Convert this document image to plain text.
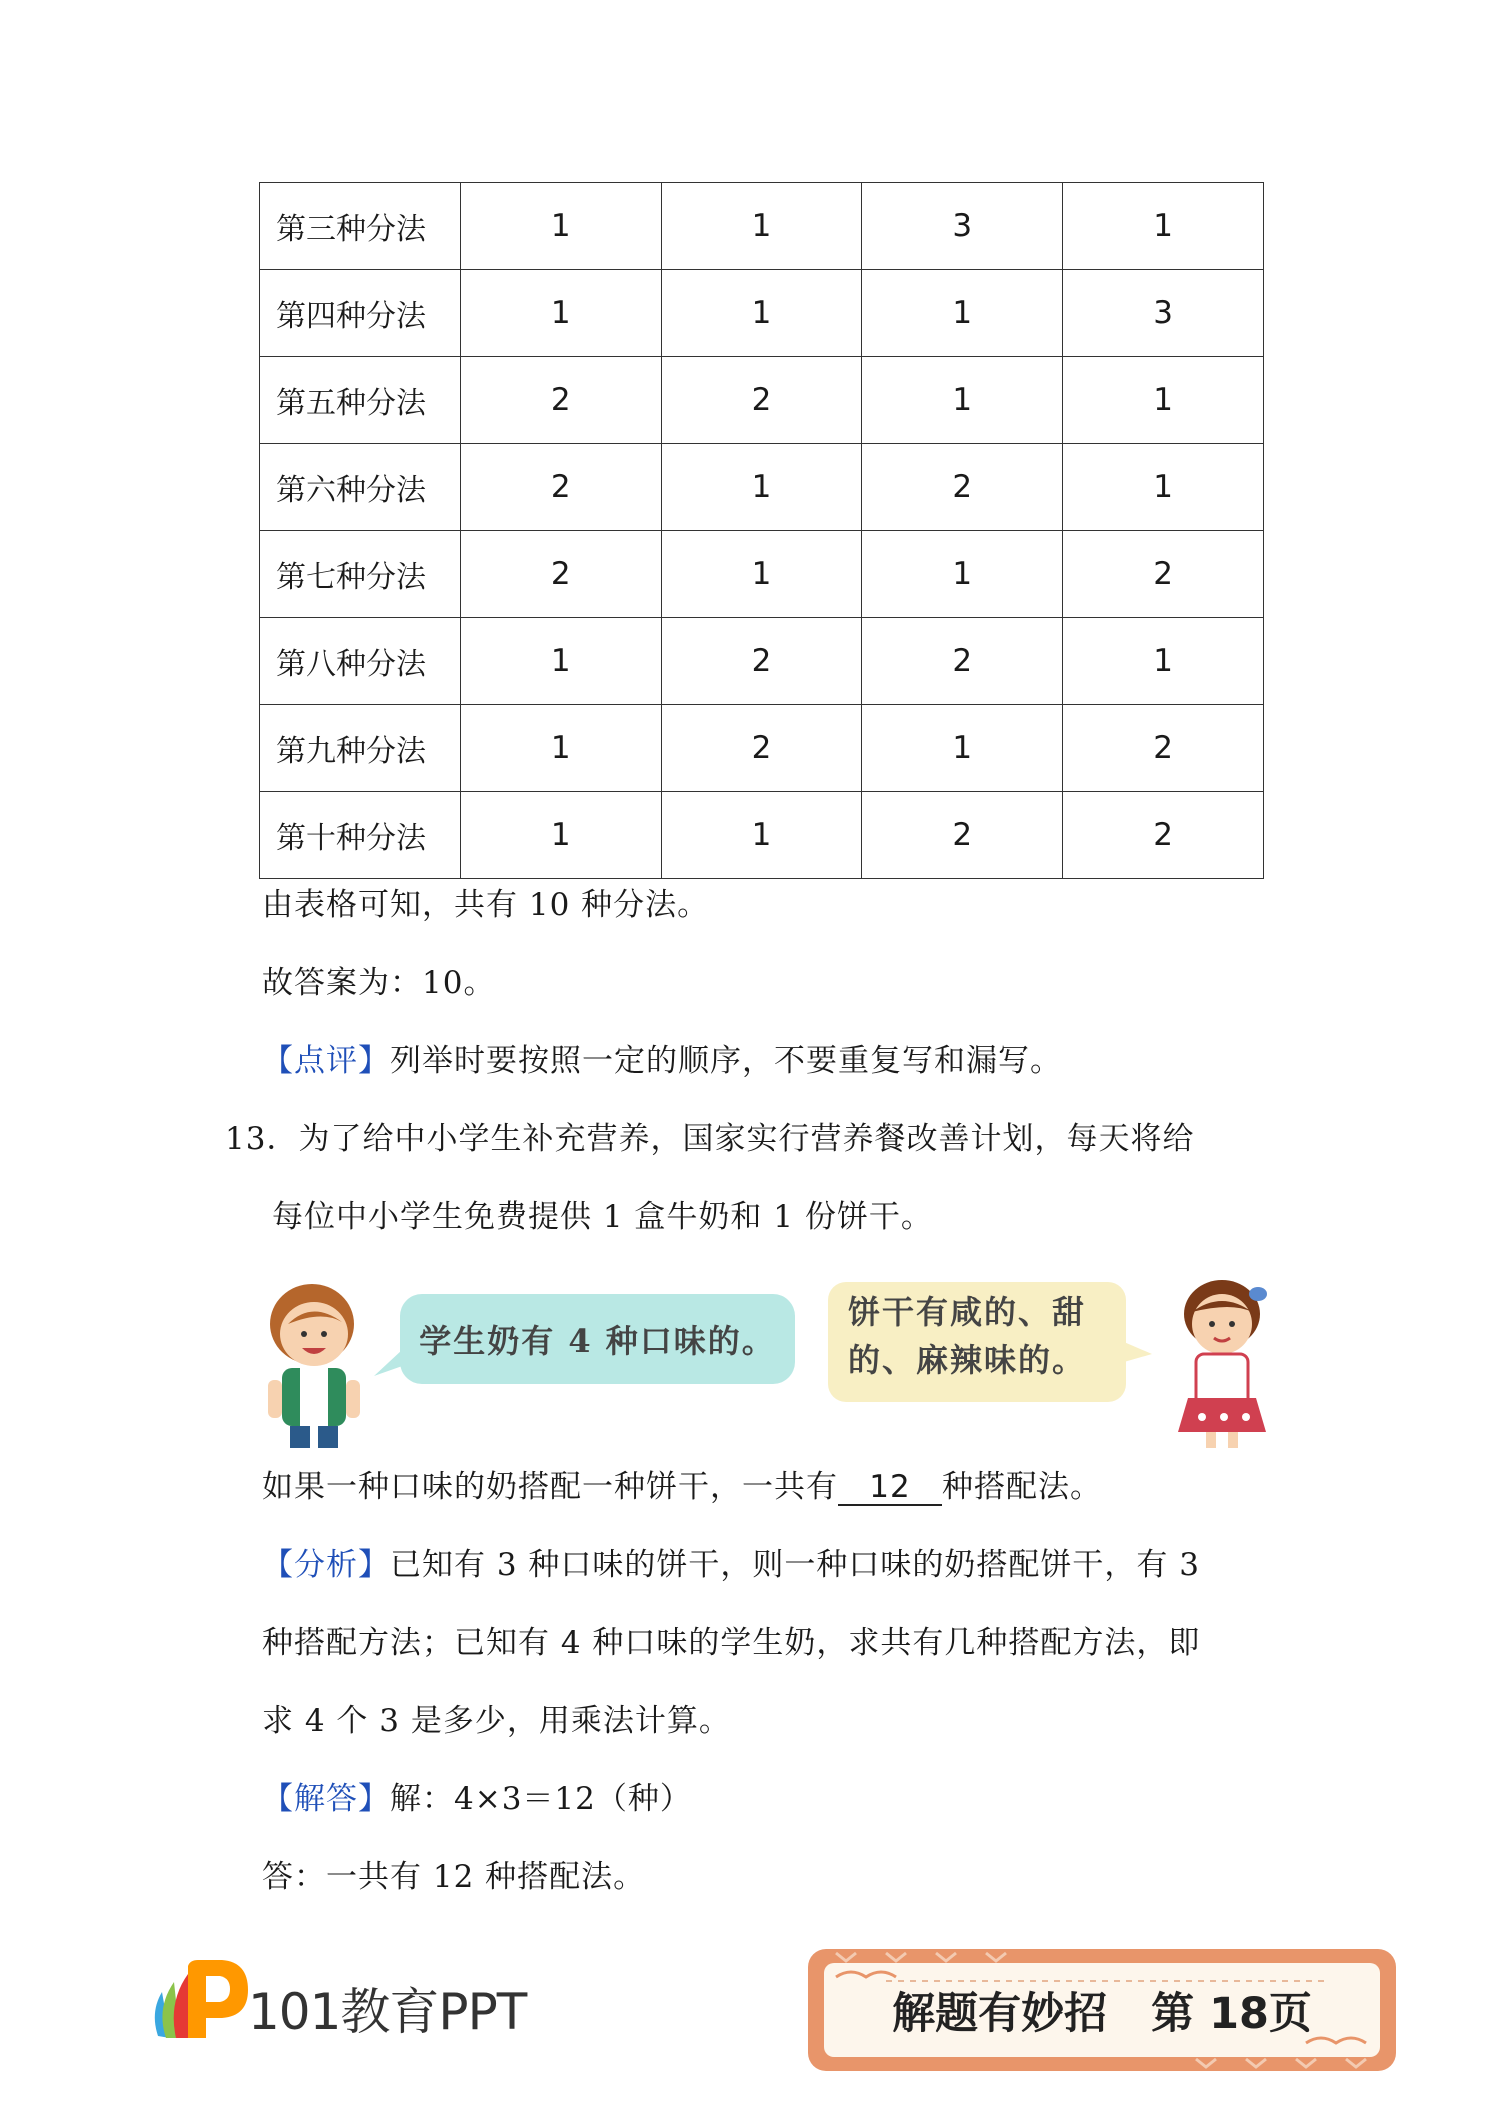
第三种分法	1	1	3	1
第四种分法	1	1	1	3
第五种分法	2	2	1	1
第六种分法	2	1	2	1
第七种分法	2	1	1	2
第八种分法	1	2	2	1
第九种分法	1	2	1	2
第十种分法	1	1	2	2
由表格可知，共有 10 种分法。
故答案为：10。
【点评】列举时要按照一定的顺序，不要重复写和漏写。
13．为了给中小学生补充营养，国家实行营养餐改善计划，每天将给
每位中小学生免费提供 1 盒牛奶和 1 份饼干。
学生奶有 4 种口味的。
饼干有咸的、甜的、麻辣味的。
如果一种口味的奶搭配一种饼干，一共有 12 种搭配法。
【分析】已知有 3 种口味的饼干，则一种口味的奶搭配饼干，有 3
种搭配方法；已知有 4 种口味的学生奶，求共有几种搭配方法，即
求 4 个 3 是多少，用乘法计算。
【解答】解：4×3＝12（种）
答：一共有 12 种搭配法。
101教育PPT	解题有妙招 第 18页
